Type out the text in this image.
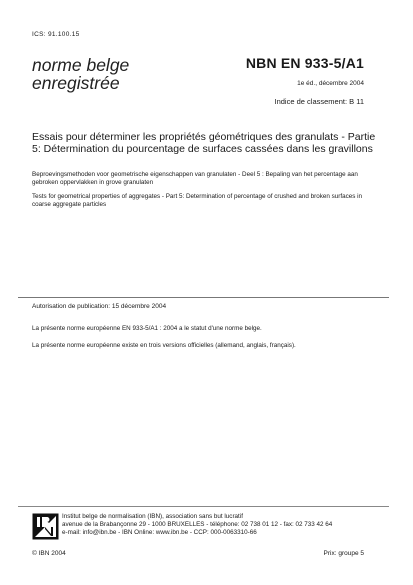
ICS: 91.100.15
norme belge
enregistrée
NBN EN 933-5/A1
1e éd., décembre 2004
Indice de classement: B 11
Essais pour déterminer les propriétés géométriques des granulats - Partie 5: Détermination du pourcentage de surfaces cassées dans les gravillons
Beproevingsmethoden voor geometrische eigenschappen van granulaten - Deel 5 : Bepaling van het percentage aan gebroken oppervlakken in grove granulaten
Tests for geometrical properties of aggregates - Part 5: Determination of percentage of crushed and broken surfaces in coarse aggregate particles
Autorisation de publication: 15 décembre 2004
La présente norme européenne EN 933-5/A1 : 2004 a le statut d'une norme belge.
La présente norme européenne existe en trois versions officielles (allemand, anglais, français).
Institut belge de normalisation (IBN), association sans but lucratif
avenue de la Brabançonne 29 - 1000 BRUXELLES - téléphone: 02 738 01 12 - fax: 02 733 42 64
e-mail: info@ibn.be - IBN Online: www.ibn.be - CCP: 000-0063310-66
© IBN 2004	Prix: groupe 5
